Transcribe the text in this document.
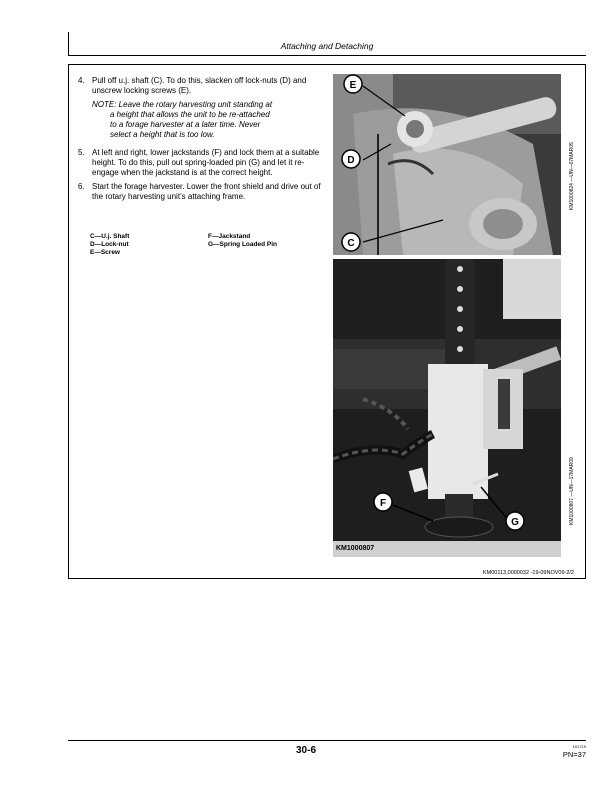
Attaching and Detaching
4. Pull off u.j. shaft (C). To do this, slacken off lock-nuts (D) and unscrew locking screws (E).
NOTE: Leave the rotary harvesting unit standing at
a height that allows the unit to be re-attached
to a forage harvester at a later time. Never
select a height that is too low.
5. At left and right, lower jackstands (F) and lock them at a suitable height. To do this, pull out spring-loaded pin (G) and let it re-engage when the jackstand is at the correct height.
6. Start the forage harvester. Lower the front shield and drive out of the rotary harvesting unit’s attaching frame.
C—U.j. Shaft
D—Lock-nut
E—Screw
F—Jackstand
G—Spring Loaded Pin
E
D
C
KM1000824 —UN—07MAR05
F
G
KM1000807
KM1000807 —UN—17MAR09
KM00113,0000032 -19-09NOV09-2/2
30-6	101719
PN=37
